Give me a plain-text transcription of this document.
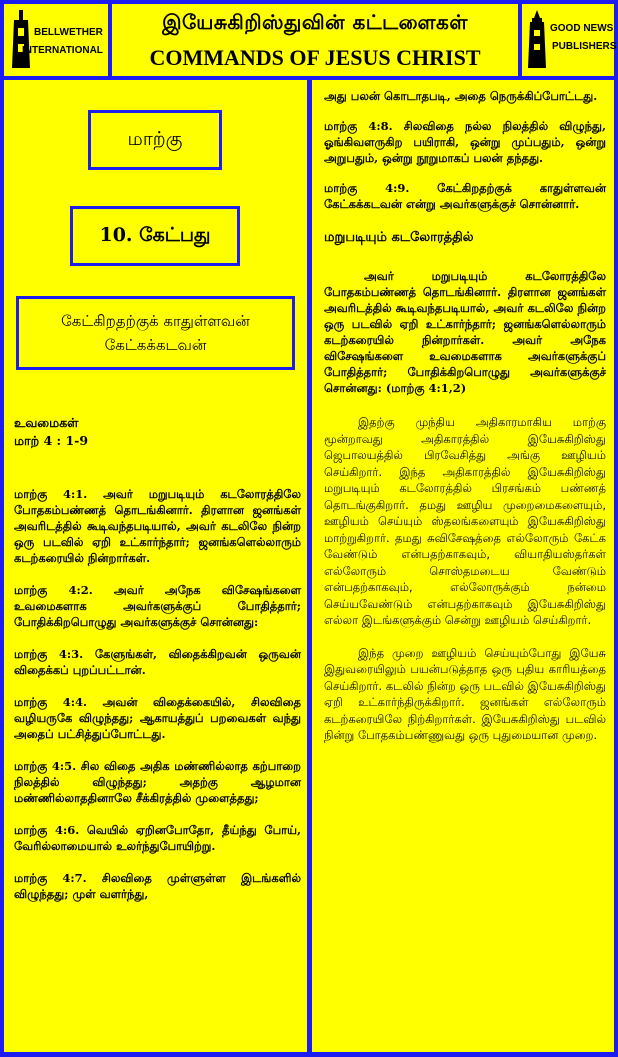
BELLWETHER
INTERNATIONAL
இயேசுகிறிஸ்துவின் கட்டளைகள்
COMMANDS OF JESUS CHRIST
GOOD NEWS
PUBLISHERS
மாற்கு
10. கேட்பது
கேட்கிறதற்குக் காதுள்ளவன் கேட்கக்கடவன்
உவமைகள்
மாற் 4 : 1-9

மாற்கு 4:1. அவர் மறுபடியும் கடலோரத்திலே போதகம்பண்ணத் தொடங்கினார். திரளான ஜனங்கள் அவரிடத்தில் கூடிவந்தபடியால், அவர் கடலிலே நின்ற ஒரு படவில் ஏறி உட்கார்ந்தார்; ஜனங்களெல்லாரும் கடற்கரையில் நின்றார்கள்.

மாற்கு 4:2. அவர் அநேக விசேஷங்களை உவமைகளாக அவர்களுக்குப் போதித்தார்; போதிக்கிறபொழுது அவர்களுக்குச் சொன்னது:

மாற்கு 4:3. கேளுங்கள், விதைக்கிறவன் ஒருவன் விதைக்கப் புறப்பட்டான்.

மாற்கு 4:4. அவன் விதைக்கையில், சிலவிதை வழியருகே விழுந்தது; ஆகாயத்துப் பறவைகள் வந்து அதைப் பட்சித்துப்போட்டது.

மாற்கு 4:5. சில விதை அதிக மண்ணில்லாத கற்பாறை நிலத்தில் விழுந்தது; அதற்கு ஆழமான மண்ணில்லாததினாலே சீக்கிரத்தில் முளைத்தது;

மாற்கு 4:6. வெயில் ஏறினபோதோ, தீய்ந்து போய், வேரில்லாமையால் உலர்ந்துபோயிற்று.

மாற்கு 4:7. சிலவிதை முள்ளுள்ள இடங்களில் விழுந்தது; முள் வளர்ந்து,

அது பலன் கொடாதபடி, அதை நெருக்கிப்போட்டது.

மாற்கு 4:8. சிலவிதை நல்ல நிலத்தில் விழுந்து, ஓங்கிவளருகிற பயிராகி, ஒன்று முப்பதும், ஒன்று அறுபதும், ஒன்று நூறுமாகப் பலன் தந்தது.

மாற்கு 4:9. கேட்கிறதற்குக் காதுள்ளவன் கேட்கக்கடவன் என்று அவர்களுக்குச் சொன்னார்.

மறுபடியும் கடலோரத்தில்

அவர் மறுபடியும் கடலோரத்திலே போதகம்பண்ணத் தொடங்கினார். திரளான ஜனங்கள் அவரிடத்தில் கூடிவந்தபடியால், அவர் கடலிலே நின்ற ஒரு படவில் ஏறி உட்கார்ந்தார்; ஜனங்களெல்லாரும் கடற்கரையில் நின்றார்கள். அவர் அநேக விசேஷங்களை உவமைகளாக அவர்களுக்குப் போதித்தார்; போதிக்கிறபொழுது அவர்களுக்குச் சொன்னது: (மாற்கு 4:1,2)

இதற்கு முந்திய அதிகாரமாகிய மாற்கு மூன்றாவது அதிகாரத்தில் இயேசுகிறிஸ்து ஜெபாலயத்தில் பிரவேசித்து அங்கு ஊழியம் செய்கிறார். இந்த அதிகாரத்தில் இயேசுகிறிஸ்து மறுபடியும் கடலோரத்தில் பிரசங்கம் பண்ணத் தொடங்குகிறார். தமது ஊழிய முறைமைகளையும், ஊழியம் செய்யும் ஸ்தலங்களையும் இயேசுகிறிஸ்து மாற்றுகிறார். தமது சுவிசேஷத்தை எல்லோரும் கேட்க வேண்டும் என்பதற்காகவும், வியாதியஸ்தர்கள் எல்லோரும் சொஸ்தமடைய வேண்டும் என்பதற்காகவும், எல்லோருக்கும் நன்மை செய்யவேண்டும் என்பதற்காகவும் இயேசுகிறிஸ்து எல்லா இடங்களுக்கும் சென்று ஊழியம் செய்கிறார்.

இந்த முறை ஊழியம் செய்யும்போது இயேசு இதுவரையிலும் பயன்படுத்தாத ஒரு புதிய காரியத்தை செய்கிறார். கடலில் நின்ற ஒரு படவில் இயேசுகிறிஸ்து ஏறி உட்கார்ந்திருக்கிறார். ஜனங்கள் எல்லோரும் கடற்கரையிலே நிற்கிறார்கள். இயேசுகிறிஸ்து படவில் நின்று போதகம்பண்ணுவது ஒரு புதுமையான முறை.
